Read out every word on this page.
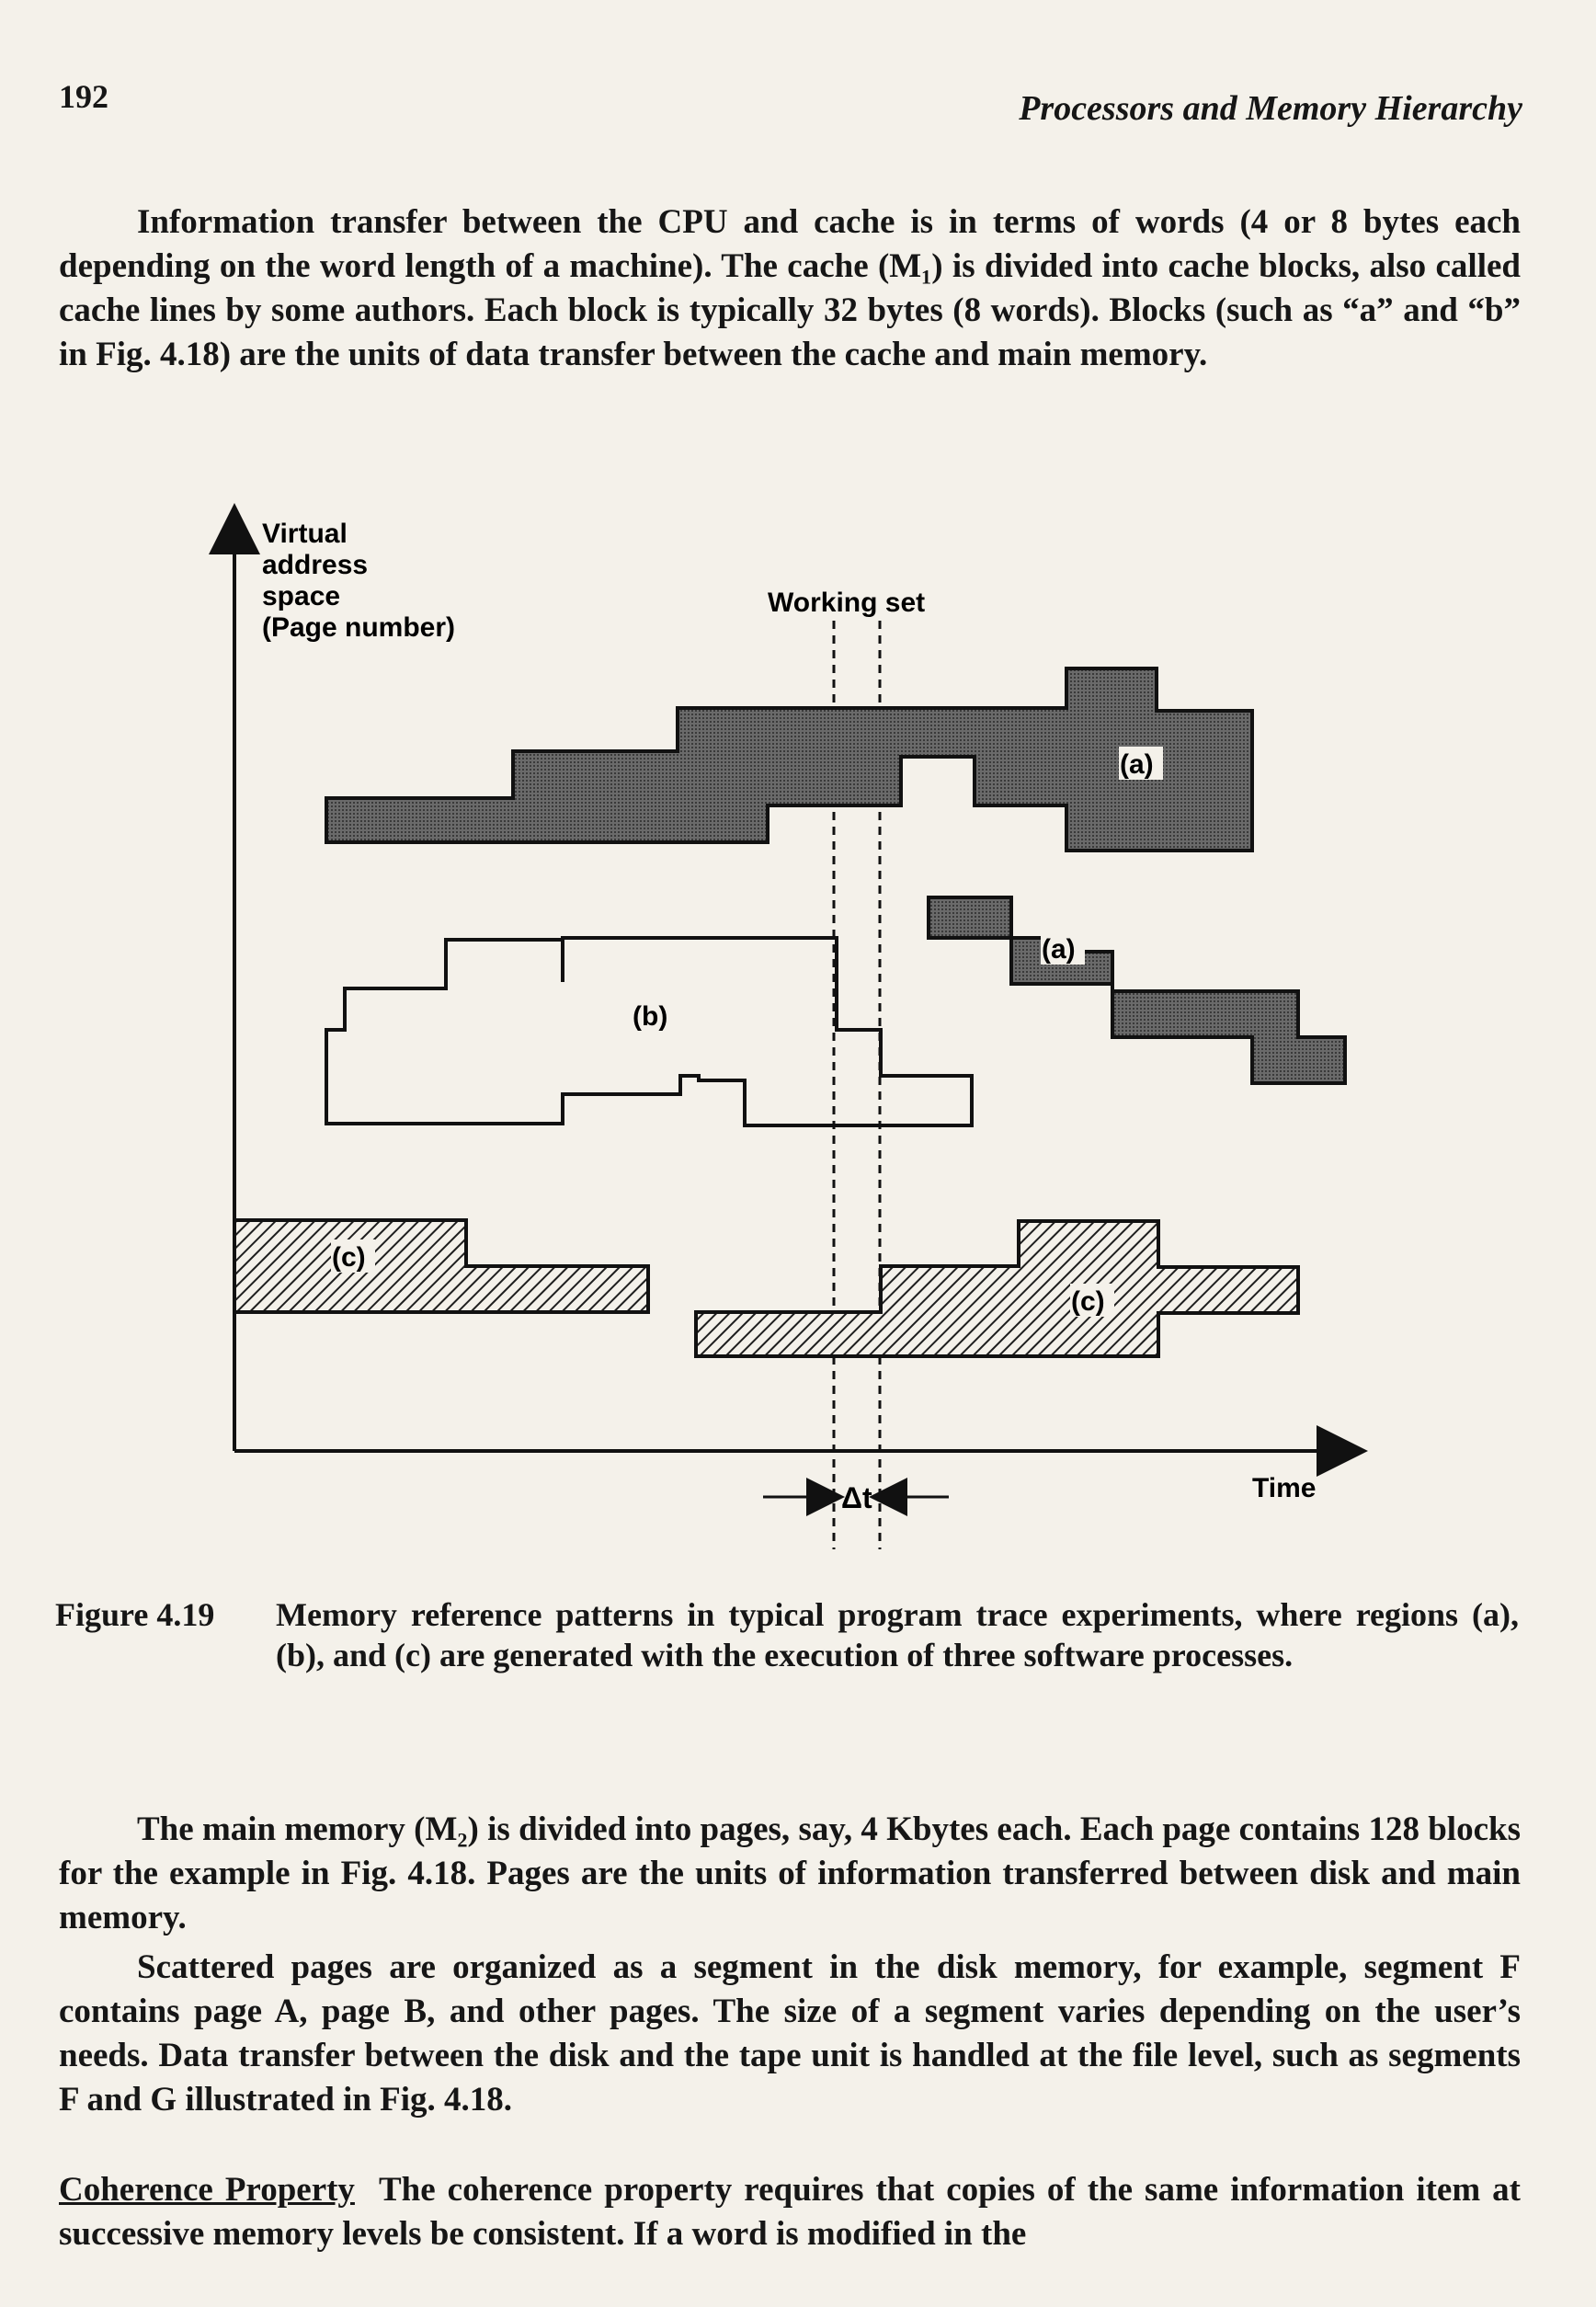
192	Processors and Memory Hierarchy

Information transfer between the CPU and cache is in terms of words (4 or 8 bytes each depending on the word length of a machine). The cache (M₁) is divided into cache blocks, also called cache lines by some authors. Each block is typically 32 bytes (8 words). Blocks (such as “a” and “b” in Fig. 4.18) are the units of data transfer between the cache and main memory.

Virtual address space (Page number)
Time
Working set
Δt
(a)
(a)
(b)
(c)
(c)
Figure 4.19 Memory reference patterns in typical program trace experiments, where regions (a), (b), and (c) are generated with the execution of three software processes.

The main memory (M₂) is divided into pages, say, 4 Kbytes each. Each page contains 128 blocks for the example in Fig. 4.18. Pages are the units of information transferred between disk and main memory.

Scattered pages are organized as a segment in the disk memory, for example, segment F contains page A, page B, and other pages. The size of a segment varies depending on the user’s needs. Data transfer between the disk and the tape unit is handled at the file level, such as segments F and G illustrated in Fig. 4.18.

Coherence Property The coherence property requires that copies of the same information item at successive memory levels be consistent. If a word is modified in the
